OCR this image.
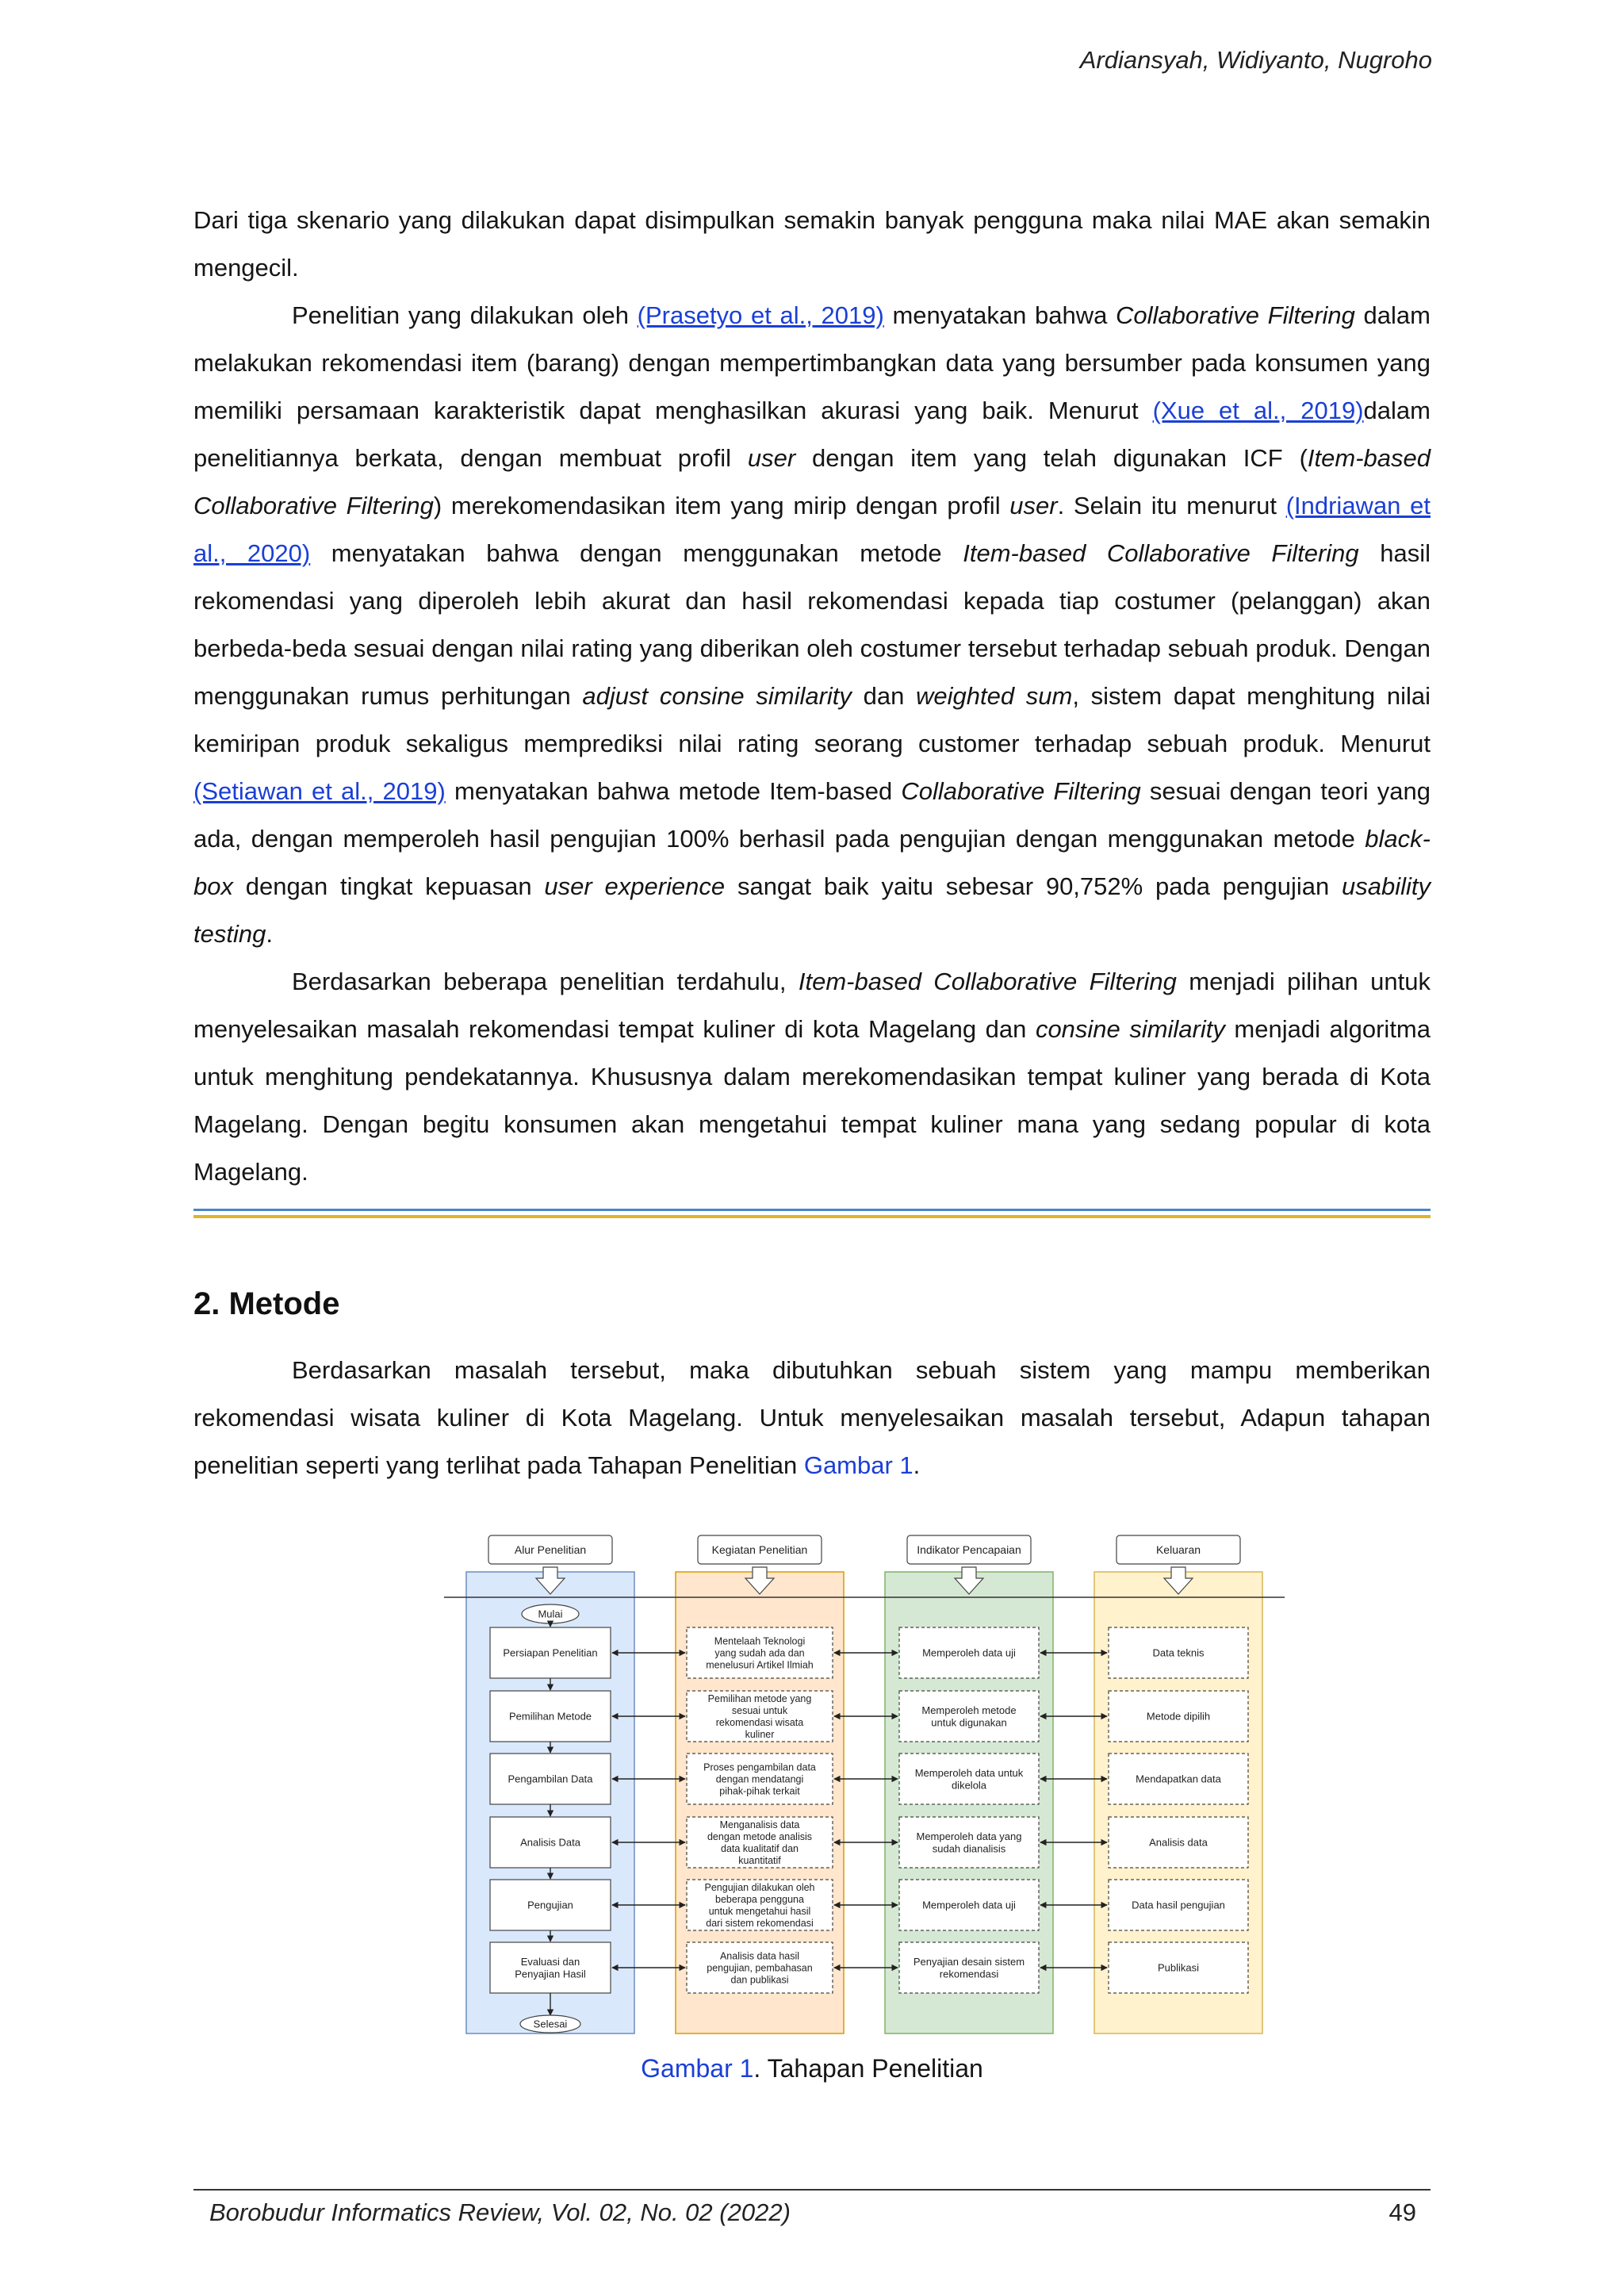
Ardiansyah, Widiyanto, Nugroho

Dari tiga skenario yang dilakukan dapat disimpulkan semakin banyak pengguna maka nilai MAE akan semakin mengecil.

Penelitian yang dilakukan oleh (Prasetyo et al., 2019) menyatakan bahwa Collaborative Filtering dalam melakukan rekomendasi item (barang) dengan mempertimbangkan data yang bersumber pada konsumen yang memiliki persamaan karakteristik dapat menghasilkan akurasi yang baik. Menurut (Xue et al., 2019)dalam penelitiannya berkata, dengan membuat profil user dengan item yang telah digunakan ICF (Item-based Collaborative Filtering) merekomendasikan item yang mirip dengan profil user. Selain itu menurut (Indriawan et al., 2020) menyatakan bahwa dengan menggunakan metode Item-based Collaborative Filtering hasil rekomendasi yang diperoleh lebih akurat dan hasil rekomendasi kepada tiap costumer (pelanggan) akan berbeda-beda sesuai dengan nilai rating yang diberikan oleh costumer tersebut terhadap sebuah produk. Dengan menggunakan rumus perhitungan adjust consine similarity dan weighted sum, sistem dapat menghitung nilai kemiripan produk sekaligus memprediksi nilai rating seorang customer terhadap sebuah produk. Menurut (Setiawan et al., 2019) menyatakan bahwa metode Item-based Collaborative Filtering sesuai dengan teori yang ada, dengan memperoleh hasil pengujian 100% berhasil pada pengujian dengan menggunakan metode black-box dengan tingkat kepuasan user experience sangat baik yaitu sebesar 90,752% pada pengujian usability testing.

Berdasarkan beberapa penelitian terdahulu, Item-based Collaborative Filtering menjadi pilihan untuk menyelesaikan masalah rekomendasi tempat kuliner di kota Magelang dan consine similarity menjadi algoritma untuk menghitung pendekatannya. Khususnya dalam merekomendasikan tempat kuliner yang berada di Kota Magelang. Dengan begitu konsumen akan mengetahui tempat kuliner mana yang sedang popular di kota Magelang.

2. Metode

Berdasarkan masalah tersebut, maka dibutuhkan sebuah sistem yang mampu memberikan rekomendasi wisata kuliner di Kota Magelang. Untuk menyelesaikan masalah tersebut, Adapun tahapan penelitian seperti yang terlihat pada Tahapan Penelitian Gambar 1.

Alur Penelitian	Kegiatan Penelitian	Indikator Pencapaian	Keluaran
Mulai
Persiapan Penelitian
Mentelaah Teknologi yang sudah ada dan menelusuri Artikel Ilmiah
Memperoleh data uji	Data teknis
Pemilihan Metode
Pemilihan metode yang sesuai untuk rekomendasi wisata kuliner
Memperoleh metode untuk digunakan
Metode dipilih
Pengambilan Data
Proses pengambilan data dengan mendatangi pihak-pihak terkait
Memperoleh data untuk dikelola
Mendapatkan data
Analisis Data
Menganalisis data dengan metode analisis data kualitatif dan kuantitatif
Memperoleh data yang sudah dianalisis
Analisis data
Pengujian
Pengujian dilakukan oleh beberapa pengguna untuk mengetahui hasil dari sistem rekomendasi
Memperoleh data uji	Data hasil pengujian
Evaluasi dan Penyajian Hasil
Analisis data hasil pengujian, pembahasan dan publikasi
Penyajian desain sistem rekomendasi
Publikasi
Selesai
Gambar 1. Tahapan Penelitian
Borobudur Informatics Review, Vol. 02, No. 02 (2022)	49
